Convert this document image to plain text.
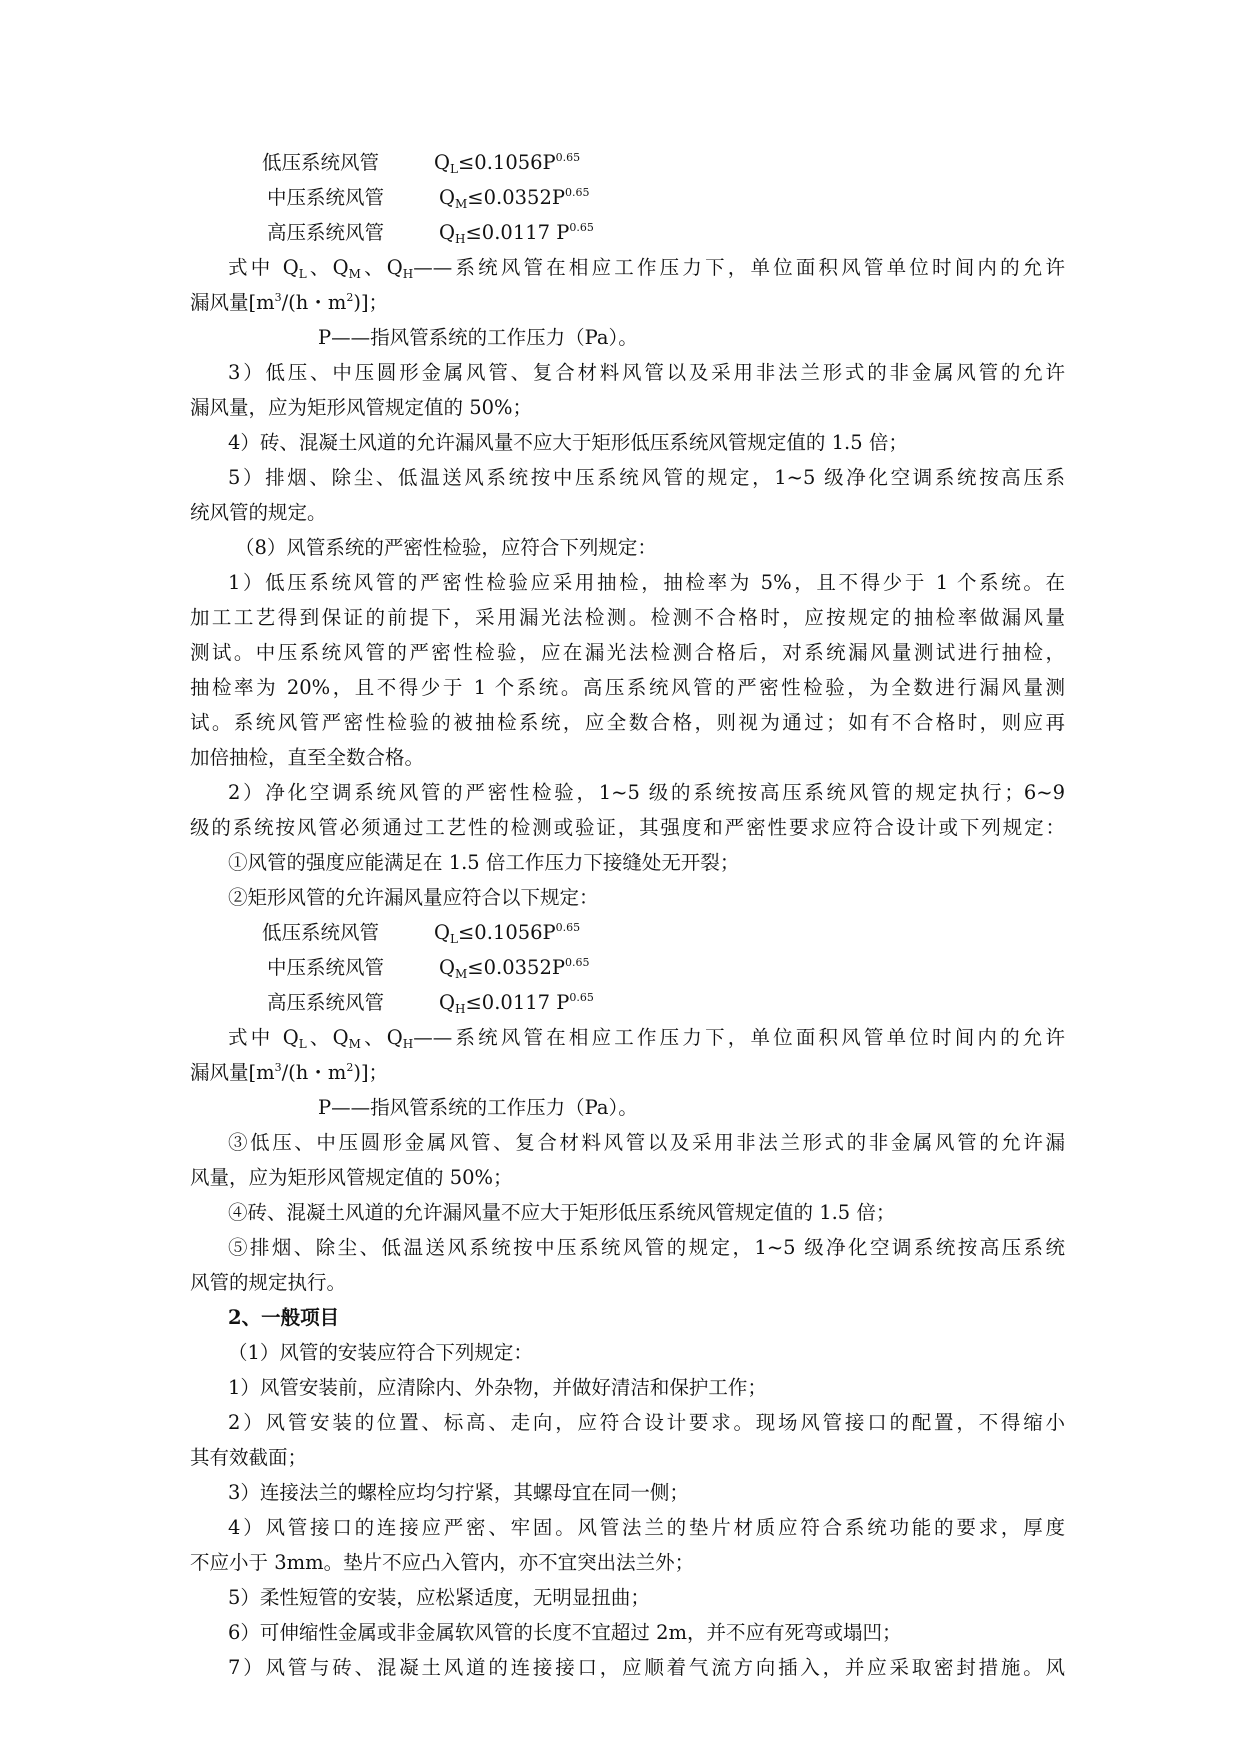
低压系统风管	$Q_L\le 0.1056P^{0.65}$
中压系统风管	$Q_M\le 0.0352P^{0.65}$
高压系统风管	$Q_H\le 0.0117$ $P^{0.65}$
式中 $Q_L$、$Q_M$、$Q_H——$系统风管在相应工作压力下，单位面积风管单位时间内的允许
漏风量[$m^3/(h$・$m^2$)]；
P——指风管系统的工作压力（Pa）。
3）低压、中压圆形金属风管、复合材料风管以及采用非法兰形式的非金属风管的允许
漏风量，应为矩形风管规定值的 50%；
4）砖、混凝土风道的允许漏风量不应大于矩形低压系统风管规定值的 1.5 倍；
5）排烟、除尘、低温送风系统按中压系统风管的规定，1~5 级净化空调系统按高压系
统风管的规定。
（8）风管系统的严密性检验，应符合下列规定：
1）低压系统风管的严密性检验应采用抽检，抽检率为 5%，且不得少于 1 个系统。在
加工工艺得到保证的前提下，采用漏光法检测。检测不合格时，应按规定的抽检率做漏风量
测试。中压系统风管的严密性检验，应在漏光法检测合格后，对系统漏风量测试进行抽检，
抽检率为 20%，且不得少于 1 个系统。高压系统风管的严密性检验，为全数进行漏风量测
试。系统风管严密性检验的被抽检系统，应全数合格，则视为通过；如有不合格时，则应再
加倍抽检，直至全数合格。
2）净化空调系统风管的严密性检验，1~5 级的系统按高压系统风管的规定执行；6~9
级的系统按风管必须通过工艺性的检测或验证，其强度和严密性要求应符合设计或下列规定：
①风管的强度应能满足在 1.5 倍工作压力下接缝处无开裂；
②矩形风管的允许漏风量应符合以下规定：
低压系统风管	$Q_L\le 0.1056P^{0.65}$
中压系统风管	$Q_M\le 0.0352P^{0.65}$
高压系统风管	$Q_H\le 0.0117$ $P^{0.65}$
式中 $Q_L$、$Q_M$、$Q_H——$系统风管在相应工作压力下，单位面积风管单位时间内的允许
漏风量[$m^3/(h$・$m^2$)]；
P——指风管系统的工作压力（Pa）。
③低压、中压圆形金属风管、复合材料风管以及采用非法兰形式的非金属风管的允许漏
风量，应为矩形风管规定值的 50%；
④砖、混凝土风道的允许漏风量不应大于矩形低压系统风管规定值的 1.5 倍；
⑤排烟、除尘、低温送风系统按中压系统风管的规定，1~5 级净化空调系统按高压系统
风管的规定执行。
2、一般项目
（1）风管的安装应符合下列规定：
1）风管安装前，应清除内、外杂物，并做好清洁和保护工作；
2）风管安装的位置、标高、走向，应符合设计要求。现场风管接口的配置，不得缩小
其有效截面；
3）连接法兰的螺栓应均匀拧紧，其螺母宜在同一侧；
4）风管接口的连接应严密、牢固。风管法兰的垫片材质应符合系统功能的要求，厚度
不应小于 3mm。垫片不应凸入管内，亦不宜突出法兰外；
5）柔性短管的安装，应松紧适度，无明显扭曲；
6）可伸缩性金属或非金属软风管的长度不宜超过 2m，并不应有死弯或塌凹；
7）风管与砖、混凝土风道的连接接口，应顺着气流方向插入，并应采取密封措施。风
